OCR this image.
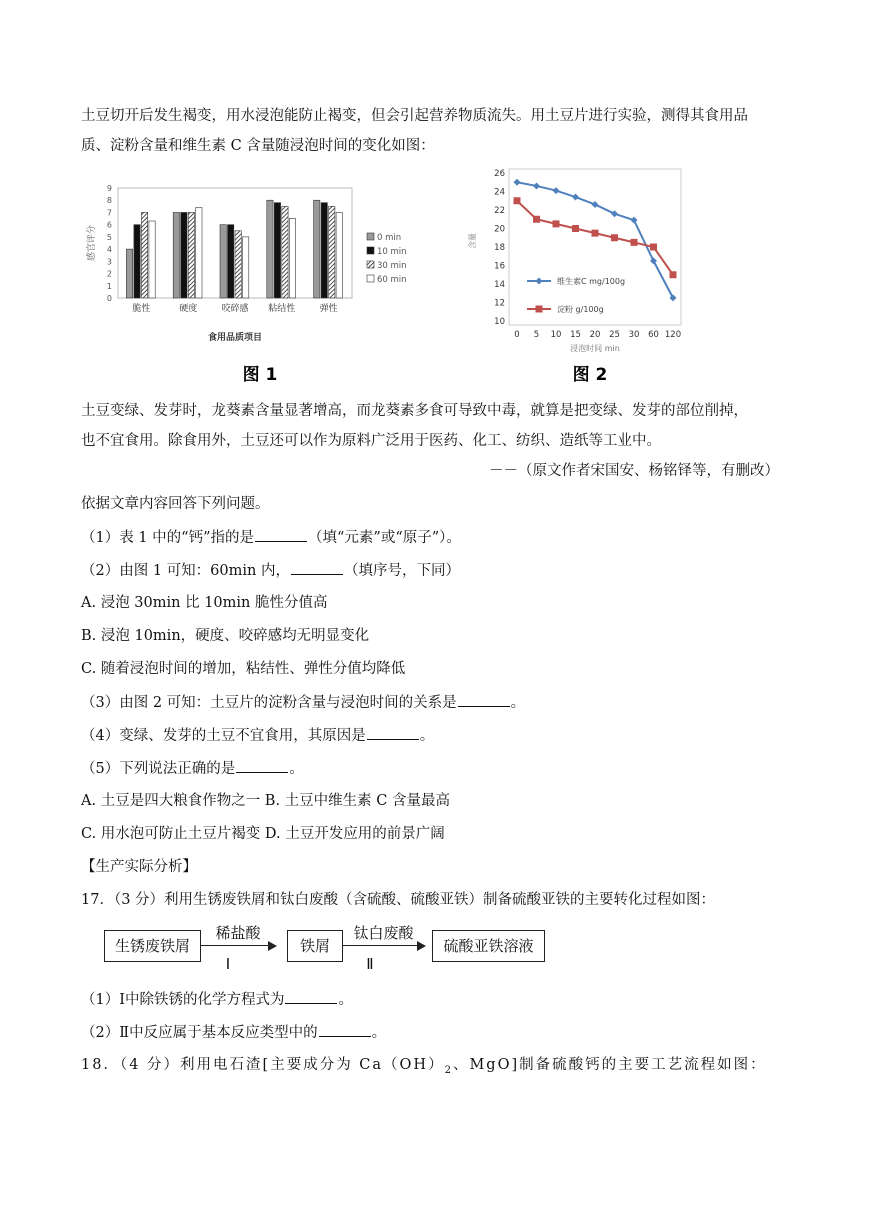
土豆切开后发生褐变，用水浸泡能防止褐变，但会引起营养物质流失。用土豆片进行实验，测得其食用品
质、淀粉含量和维生素 C 含量随浸泡时间的变化如图：
0
1
2
3
4
5
6
7
8
9
感官评分
脆性	硬度	咬碎感 粘结性	弹性
食用品质项目
0 min
10 min
30 min
60 min
图 1
10
12
14
16
18
20
22
24
26
0 5 10 15 20 25 30 60 120
浸泡时间 min
含量
维生素C mg/100g
淀粉 g/100g
图 2
土豆变绿、发芽时，龙葵素含量显著增高，而龙葵素多食可导致中毒，就算是把变绿、发芽的部位削掉，
也不宜食用。除食用外，土豆还可以作为原料广泛用于医药、化工、纺织、造纸等工业中。
－－（原文作者宋国安、杨铭铎等，有删改）
依据文章内容回答下列问题。
（1）表 1 中的“钙”指的是	（填“元素”或“原子”）。
（2）由图 1 可知：60min 内，	（填序号，下同）
A. 浸泡 30min 比 10min 脆性分值高
B. 浸泡 10min，硬度、咬碎感均无明显变化
C. 随着浸泡时间的增加，粘结性、弹性分值均降低
（3）由图 2 可知：土豆片的淀粉含量与浸泡时间的关系是	。
（4）变绿、发芽的土豆不宜食用，其原因是	。
（5）下列说法正确的是	。
A. 土豆是四大粮食作物之一 B. 土豆中维生素 C 含量最高
C. 用水泡可防止土豆片褐变 D. 土豆开发应用的前景广阔
【生产实际分析】
17．（3 分）利用生锈废铁屑和钛白废酸（含硫酸、硫酸亚铁）制备硫酸亚铁的主要转化过程如图：
生锈废铁屑
稀盐酸
Ⅰ
铁屑
钛白废酸
Ⅱ
硫酸亚铁溶液
（1）Ⅰ中除铁锈的化学方程式为	。
（2）Ⅱ中反应属于基本反应类型中的	。
18．（4 分）利用电石渣[主要成分为 $Ca(OH)_2$、MgO]制备硫酸钙的主要工艺流程如图：
